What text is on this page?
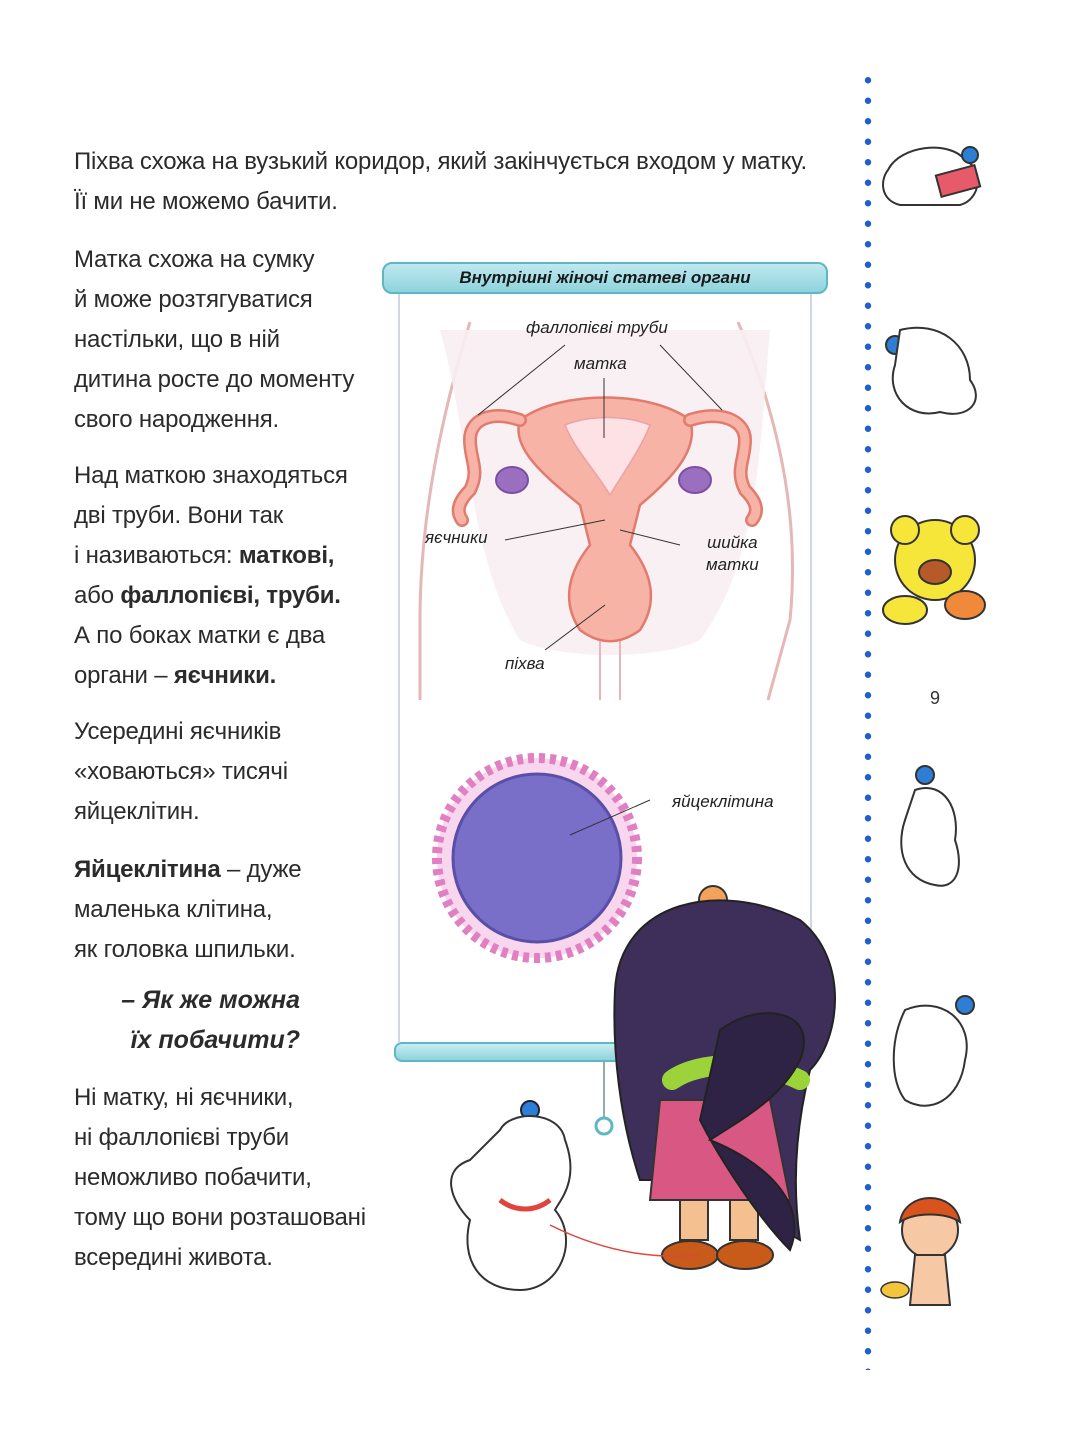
9
Піхва схожа на вузький коридор, який закінчується входом у матку.
Її ми не можемо бачити.
Матка схожа на сумку
й може розтягуватися
настільки, що в ній
дитина росте до моменту
свого народження.
Над маткою знаходяться
дві труби. Вони так
і називаються: маткові,
або фаллопієві, труби.
А по боках матки є два
органи – яєчники.
Усередині яєчників
«ховаються» тисячі
яйцеклітин.
Яйцеклітина – дуже
маленька клітина,
як головка шпильки.
– Як же можна
їх побачити?
Ні матку, ні яєчники,
ні фаллопієві труби
неможливо побачити,
тому що вони розташовані
всередині живота.
Внутрішні жіночі статеві органи
фаллопієві труби
матка
яєчники	шийка
матки
піхва
яйцеклітина
